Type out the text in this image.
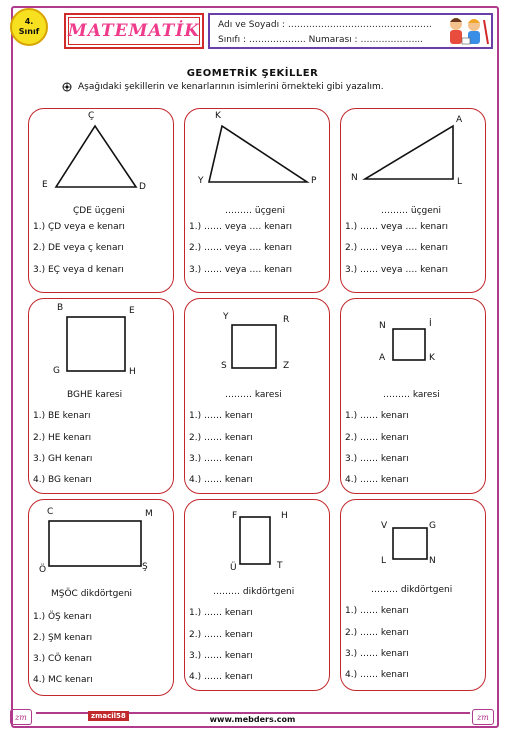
4.
Sınıf MATEMATİK Adı ve Soyadı : …………………………………………
Sınıfı : ………………. Numarası : ………………...
GEOMETRİK ŞEKİLLER
Aşağıdaki şekillerin ve kenarlarının isimlerini örnekteki gibi yazalım.
Ç
E	D
ÇDE üçgeni
1.) ÇD veya e kenarı
2.) DE veya ç kenarı
3.) EÇ veya d kenarı
K
Y	P
……… üçgeni
1.) …… veya …. kenarı
2.) …… veya …. kenarı
3.) …… veya …. kenarı
A
N	L
……… üçgeni
1.) …… veya …. kenarı
2.) …… veya …. kenarı
3.) …… veya …. kenarı
B	E
G	H
BGHE karesi
1.) BE kenarı
2.) HE kenarı
3.) GH kenarı
4.) BG kenarı
Y	R
S	Z
……… karesi
1.) …… kenarı
2.) …… kenarı
3.) …… kenarı
4.) …… kenarı
N	İ
A	K
……… karesi
1.) …… kenarı
2.) …… kenarı
3.) …… kenarı
4.) …… kenarı
C	M
Ö	Ş
MŞÖC dikdörtgeni
1.) ÖŞ kenarı
2.) ŞM kenarı
3.) CÖ kenarı
4.) MC kenarı
F	H
Ü	T
……… dikdörtgeni
1.) …… kenarı
2.) …… kenarı
3.) …… kenarı
4.) …… kenarı
V	G
L	N
……… dikdörtgeni
1.) …… kenarı
2.) …… kenarı
3.) …… kenarı
4.) …… kenarı
zm	zmacil58	www.mebders.com	zm
